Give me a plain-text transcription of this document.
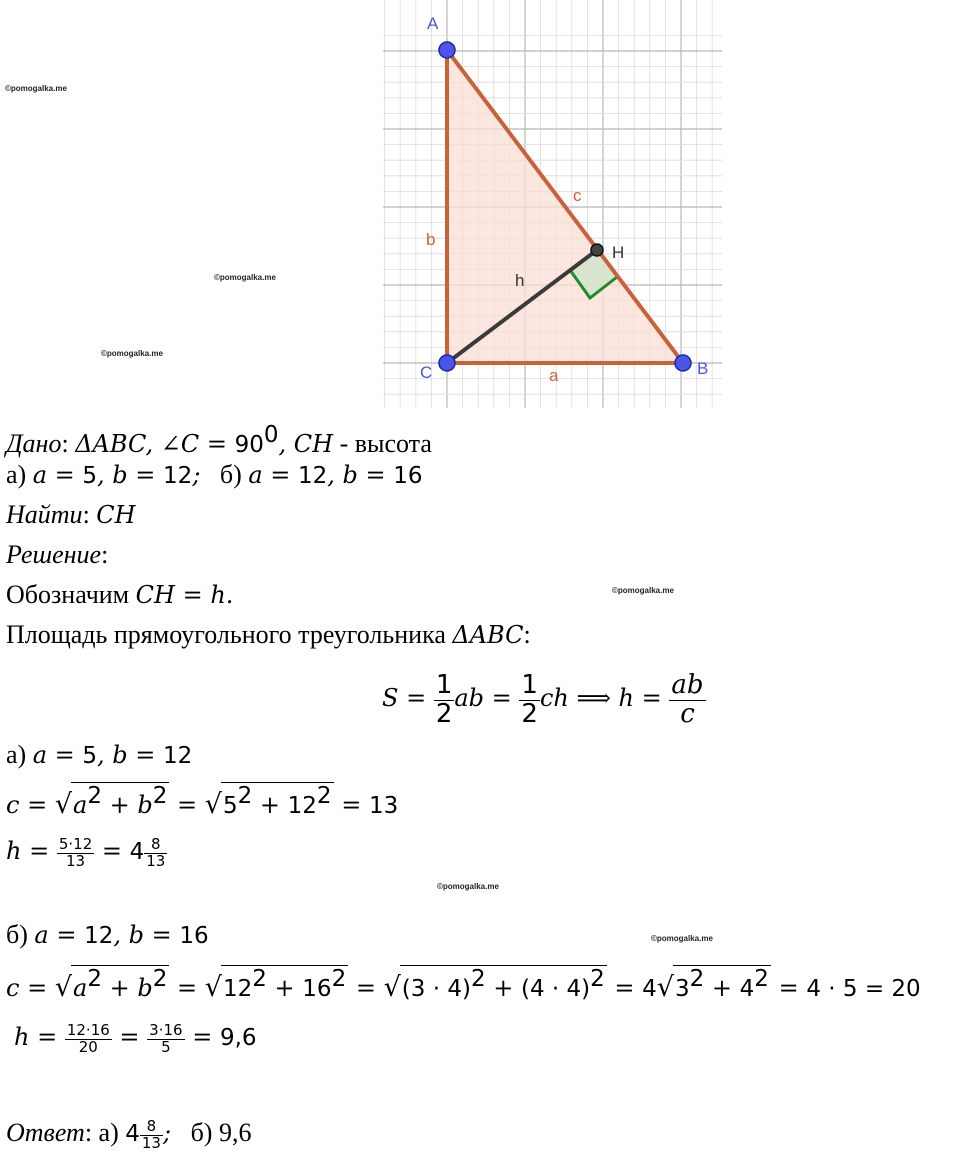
©pomogalka.me
©pomogalka.me
©pomogalka.me
©pomogalka.me
©pomogalka.me
©pomogalka.me
A
B
C
H
a
b
c
h
Дано: ΔABC, ∠C = $90^0$, CH - высота
а) a = 5, b = 12; б) a = 12, b = 16
Найти: CH
Решение:
Обозначим CH = h.
Площадь прямоугольного треугольника ΔABC:
$S = \frac{1}{2}$ ab = $\frac{1}{2}$ ch ⟹ $h = \frac{ab}{c}$
а) a = 5, b = 12
$c = √a^2 + b^2 = √5^2 + 12^2 = 13$
$h = \frac{5\cdot 12}{13} = 4 \frac{8}{13}$
б) a = 12, b = 16
$c = √a^2 + b^2 = √12^2 + 16^2 = √(3 \cdot 4)^2 + (4 \cdot 4)^2 = 4√3^2 + 4^2 = 4 \cdot 5 = 20$
$h = \frac{12\cdot 16}{20} = \frac{3\cdot 16}{5} = 9,6$
Ответ: а) $4 \frac{8}{13}$ ; б) 9,6
